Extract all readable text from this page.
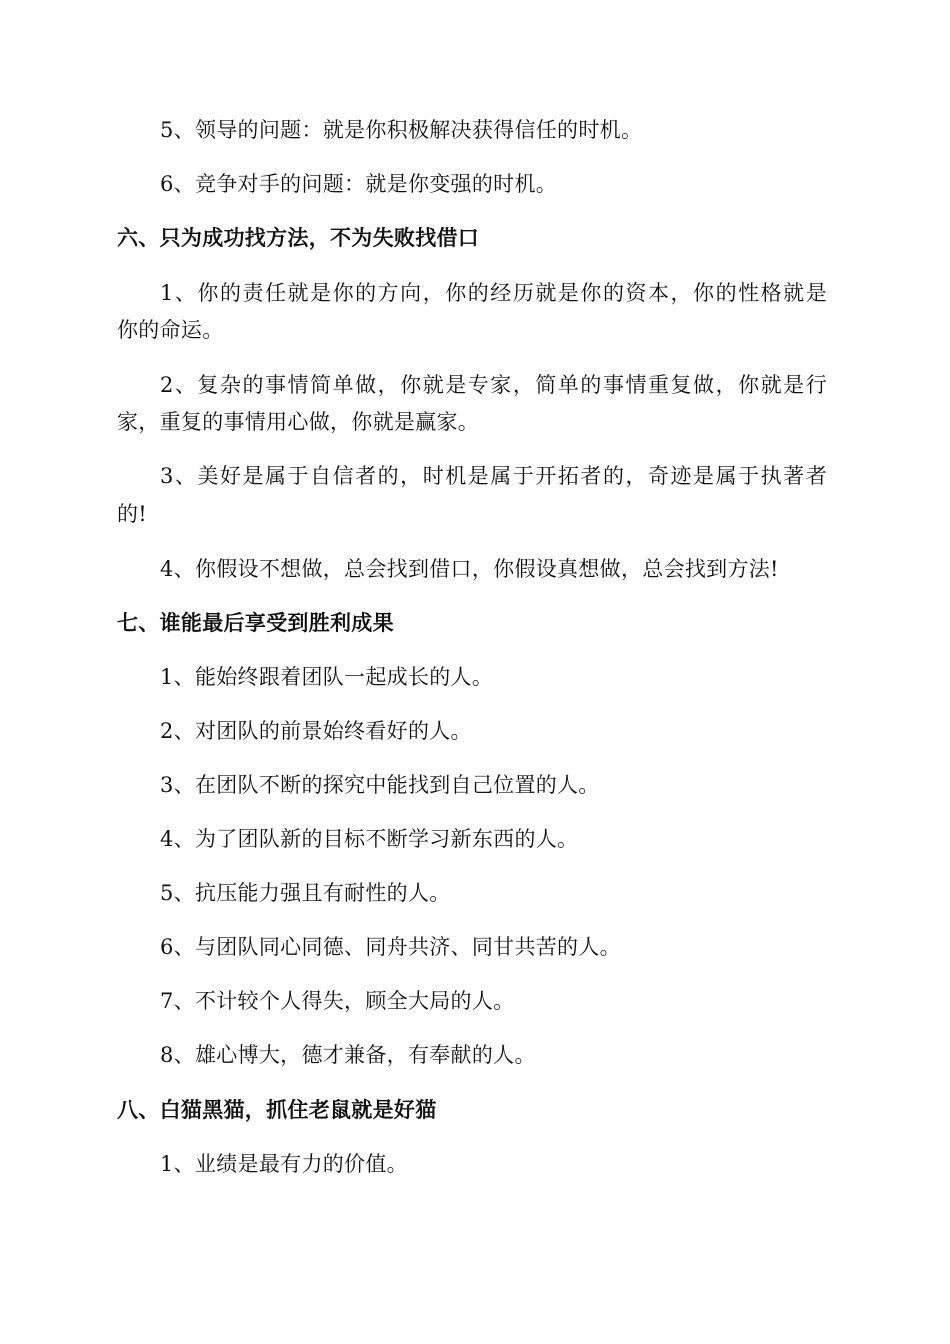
5、领导的问题：就是你积极解决获得信任的时机。
6、竞争对手的问题：就是你变强的时机。
六、只为成功找方法，不为失败找借口
1、你的责任就是你的方向，你的经历就是你的资本，你的性格就是
你的命运。
2、复杂的事情简单做，你就是专家，简单的事情重复做，你就是行
家，重复的事情用心做，你就是赢家。
3、美好是属于自信者的，时机是属于开拓者的，奇迹是属于执著者
的!
4、你假设不想做，总会找到借口，你假设真想做，总会找到方法!
七、谁能最后享受到胜利成果
1、能始终跟着团队一起成长的人。
2、对团队的前景始终看好的人。
3、在团队不断的探究中能找到自己位置的人。
4、为了团队新的目标不断学习新东西的人。
5、抗压能力强且有耐性的人。
6、与团队同心同德、同舟共济、同甘共苦的人。
7、不计较个人得失，顾全大局的人。
8、雄心博大，德才兼备，有奉献的人。
八、白猫黑猫，抓住老鼠就是好猫
1、业绩是最有力的价值。
